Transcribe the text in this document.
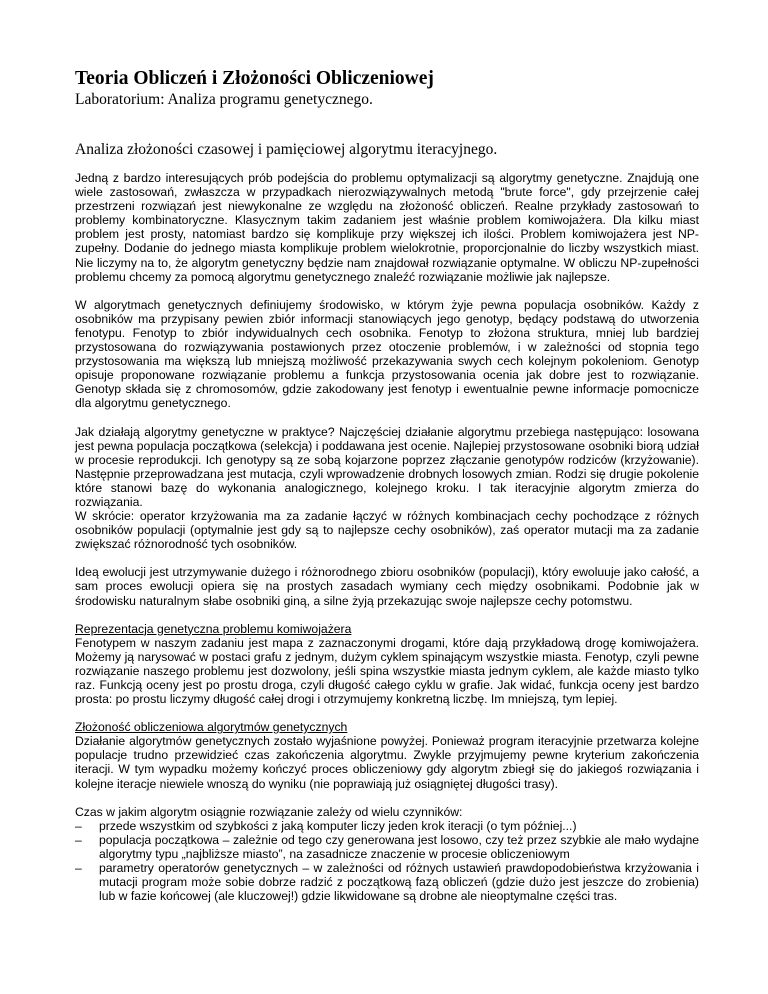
Teoria Obliczeń i Złożoności Obliczeniowej
Laboratorium: Analiza programu genetycznego.
Analiza złożoności czasowej i pamięciowej algorytmu iteracyjnego.

Jedną z bardzo interesujących prób podejścia do problemu optymalizacji są algorytmy genetyczne. Znajdują one wiele zastosowań, zwłaszcza w przypadkach nierozwiązywalnych metodą "brute force", gdy przejrzenie całej przestrzeni rozwiązań jest niewykonalne ze względu na złożoność obliczeń. Realne przykłady zastosowań to problemy kombinatoryczne. Klasycznym takim zadaniem jest właśnie problem komiwojażera. Dla kilku miast problem jest prosty, natomiast bardzo się komplikuje przy większej ich ilości. Problem komiwojażera jest NP-zupełny. Dodanie do jednego miasta komplikuje problem wielokrotnie, proporcjonalnie do liczby wszystkich miast. Nie liczymy na to, że algorytm genetyczny będzie nam znajdował rozwiązanie optymalne. W obliczu NP-zupełności problemu chcemy za pomocą algorytmu genetycznego znaleźć rozwiązanie możliwie jak najlepsze.

W algorytmach genetycznych definiujemy środowisko, w którym żyje pewna populacja osobników. Każdy z osobników ma przypisany pewien zbiór informacji stanowiących jego genotyp, będący podstawą do utworzenia fenotypu. Fenotyp to zbiór indywidualnych cech osobnika. Fenotyp to złożona struktura, mniej lub bardziej przystosowana do rozwiązywania postawionych przez otoczenie problemów, i w zależności od stopnia tego przystosowania ma większą lub mniejszą możliwość przekazywania swych cech kolejnym pokoleniom. Genotyp opisuje proponowane rozwiązanie problemu a funkcja przystosowania ocenia jak dobre jest to rozwiązanie. Genotyp składa się z chromosomów, gdzie zakodowany jest fenotyp i ewentualnie pewne informacje pomocnicze dla algorytmu genetycznego.

Jak działają algorytmy genetyczne w praktyce? Najczęściej działanie algorytmu przebiega następująco: losowana jest pewna populacja początkowa (selekcja) i poddawana jest ocenie. Najlepiej przystosowane osobniki biorą udział w procesie reprodukcji. Ich genotypy są ze sobą kojarzone poprzez złączanie genotypów rodziców (krzyżowanie). Następnie przeprowadzana jest mutacja, czyli wprowadzenie drobnych losowych zmian. Rodzi się drugie pokolenie które stanowi bazę do wykonania analogicznego, kolejnego kroku. I tak iteracyjnie algorytm zmierza do rozwiązania.
W skrócie: operator krzyżowania ma za zadanie łączyć w różnych kombinacjach cechy pochodzące z różnych osobników populacji (optymalnie jest gdy są to najlepsze cechy osobników), zaś operator mutacji ma za zadanie zwiększać różnorodność tych osobników.

Ideą ewolucji jest utrzymywanie dużego i różnorodnego zbioru osobników (populacji), który ewoluuje jako całość, a sam proces ewolucji opiera się na prostych zasadach wymiany cech między osobnikami. Podobnie jak w środowisku naturalnym słabe osobniki giną, a silne żyją przekazując swoje najlepsze cechy potomstwu.

Reprezentacja genetyczna problemu komiwojażera

Fenotypem w naszym zadaniu jest mapa z zaznaczonymi drogami, które dają przykładową drogę komiwojażera. Możemy ją narysować w postaci grafu z jednym, dużym cyklem spinającym wszystkie miasta. Fenotyp, czyli pewne rozwiązanie naszego problemu jest dozwolony, jeśli spina wszystkie miasta jednym cyklem, ale każde miasto tylko raz. Funkcją oceny jest po prostu droga, czyli długość całego cyklu w grafie. Jak widać, funkcja oceny jest bardzo prosta: po prostu liczymy długość całej drogi i otrzymujemy konkretną liczbę. Im mniejszą, tym lepiej.

Złożoność obliczeniowa algorytmów genetycznych

Działanie algorytmów genetycznych zostało wyjaśnione powyżej. Ponieważ program iteracyjnie przetwarza kolejne populacje trudno przewidzieć czas zakończenia algorytmu. Zwykle przyjmujemy pewne kryterium zakończenia iteracji. W tym wypadku możemy kończyć proces obliczeniowy gdy algorytm zbiegł się do jakiegoś rozwiązania i kolejne iteracje niewiele wnoszą do wyniku (nie poprawiają już osiągniętej długości trasy).

Czas w jakim algorytm osiągnie rozwiązanie zależy od wielu czynników:

– przede wszystkim od szybkości z jaką komputer liczy jeden krok iteracji (o tym później...)
– populacja początkowa – zależnie od tego czy generowana jest losowo, czy też przez szybkie ale mało wydajne algorytmy typu „najbliższe miasto”, na zasadnicze znaczenie w procesie obliczeniowym
– parametry operatorów genetycznych – w zależności od różnych ustawień prawdopodobieństwa krzyżowania i mutacji program może sobie dobrze radzić z początkową fazą obliczeń (gdzie dużo jest jeszcze do zrobienia) lub w fazie końcowej (ale kluczowej!) gdzie likwidowane są drobne ale nieoptymalne części tras.
